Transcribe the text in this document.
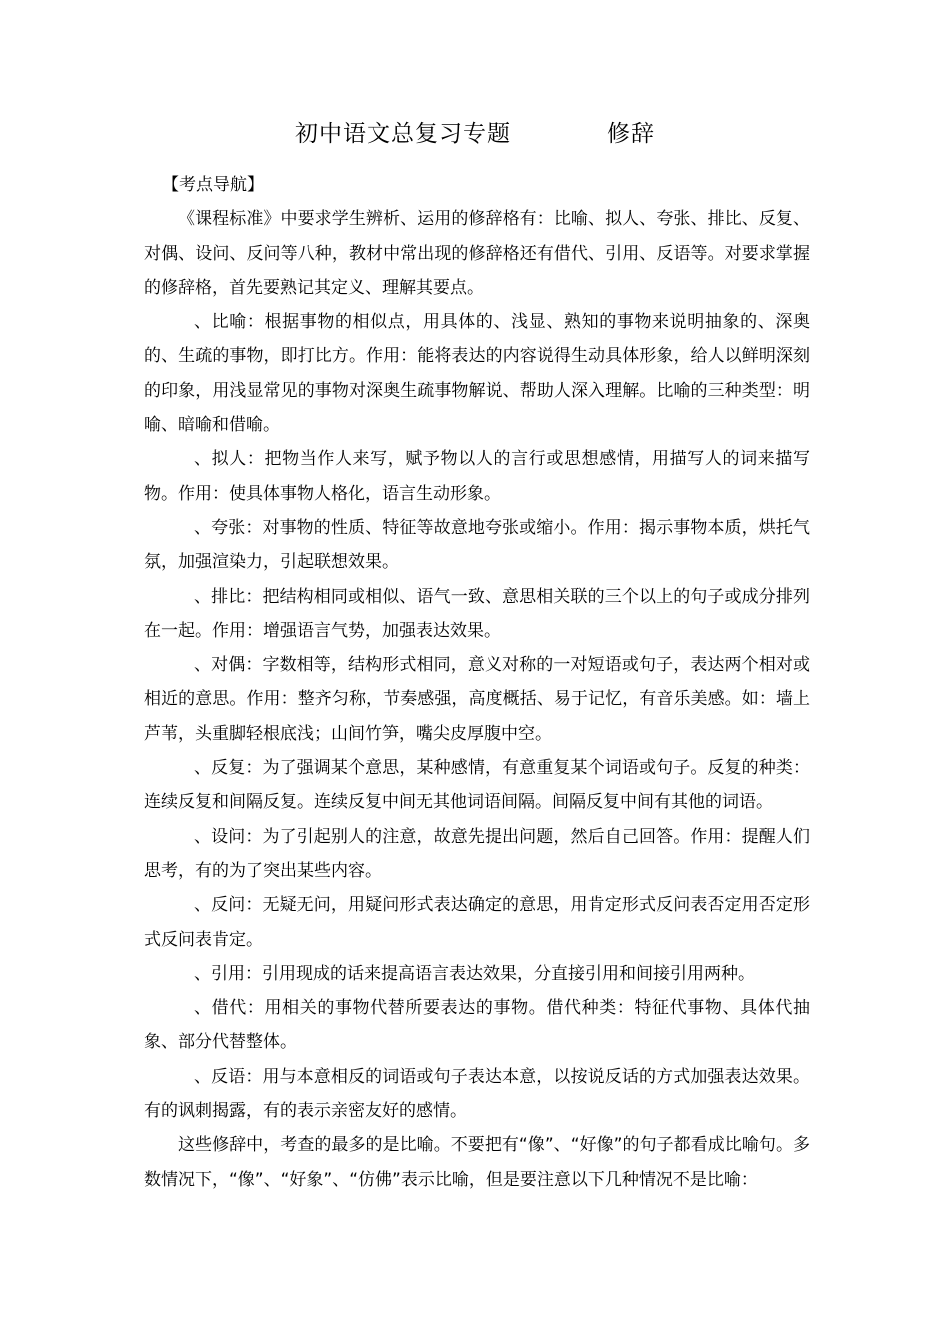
初中语文总复习专题	修辞

【考点导航】

《课程标准》中要求学生辨析、运用的修辞格有：比喻、拟人、夸张、排比、反复、对偶、设问、反问等八种，教材中常出现的修辞格还有借代、引用、反语等。对要求掌握的修辞格，首先要熟记其定义、理解其要点。

、比喻：根据事物的相似点，用具体的、浅显、熟知的事物来说明抽象的、深奥的、生疏的事物，即打比方。作用：能将表达的内容说得生动具体形象，给人以鲜明深刻的印象，用浅显常见的事物对深奥生疏事物解说、帮助人深入理解。比喻的三种类型：明喻、暗喻和借喻。

、拟人：把物当作人来写，赋予物以人的言行或思想感情，用描写人的词来描写物。作用：使具体事物人格化，语言生动形象。

、夸张：对事物的性质、特征等故意地夸张或缩小。作用：揭示事物本质，烘托气氛，加强渲染力，引起联想效果。

、排比：把结构相同或相似、语气一致、意思相关联的三个以上的句子或成分排列在一起。作用：增强语言气势，加强表达效果。

、对偶：字数相等，结构形式相同，意义对称的一对短语或句子，表达两个相对或相近的意思。作用：整齐匀称，节奏感强，高度概括、易于记忆，有音乐美感。如：墙上芦苇，头重脚轻根底浅；山间竹笋，嘴尖皮厚腹中空。

、反复：为了强调某个意思，某种感情，有意重复某个词语或句子。反复的种类：连续反复和间隔反复。连续反复中间无其他词语间隔。间隔反复中间有其他的词语。

、设问：为了引起别人的注意，故意先提出问题，然后自己回答。作用：提醒人们思考，有的为了突出某些内容。

、反问：无疑无问，用疑问形式表达确定的意思，用肯定形式反问表否定用否定形式反问表肯定。

、引用：引用现成的话来提高语言表达效果，分直接引用和间接引用两种。

、借代：用相关的事物代替所要表达的事物。借代种类：特征代事物、具体代抽象、部分代替整体。

、反语：用与本意相反的词语或句子表达本意，以按说反话的方式加强表达效果。有的讽刺揭露，有的表示亲密友好的感情。

这些修辞中，考查的最多的是比喻。不要把有“像”、“好像”的句子都看成比喻句。多数情况下，“像”、“好象”、“仿佛”表示比喻，但是要注意以下几种情况不是比喻：
